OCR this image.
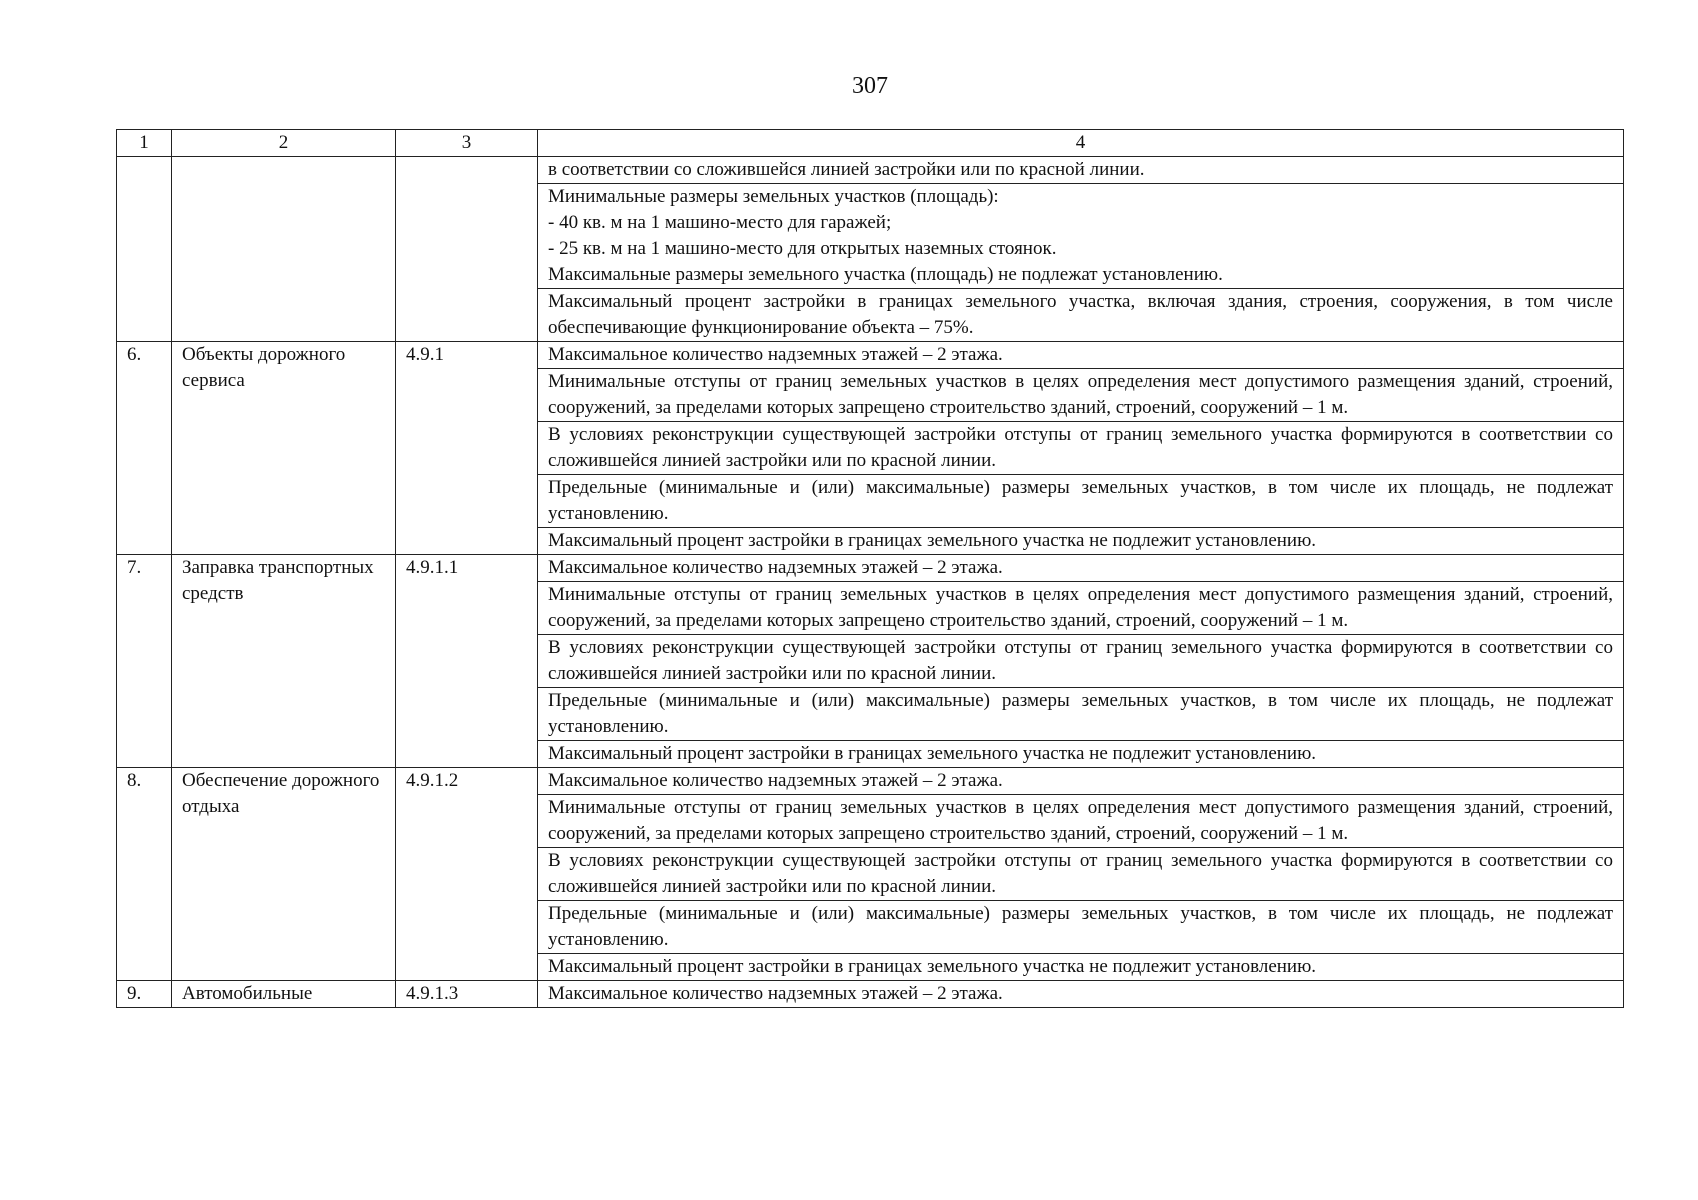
307
1	2	3	4

			в соответствии со сложившейся линией застройки или по красной линии.

			Минимальные размеры земельных участков (площадь):
- 40 кв. м на 1 машино-место для гаражей;
- 25 кв. м на 1 машино-место для открытых наземных стоянок.
Максимальные размеры земельного участка (площадь) не подлежат установлению.

			Максимальный процент застройки в границах земельного участка, включая здания, строения, сооружения, в том числе обеспечивающие функционирование объекта – 75%.

6.	Объекты дорожного сервиса	4.9.1	Максимальное количество надземных этажей – 2 этажа.
			Минимальные отступы от границ земельных участков в целях определения мест допустимого размещения зданий, строений, сооружений, за пределами которых запрещено строительство зданий, строений, сооружений – 1 м.
			В условиях реконструкции существующей застройки отступы от границ земельного участка формируются в соответствии со сложившейся линией застройки или по красной линии.
			Предельные (минимальные и (или) максимальные) размеры земельных участков, в том числе их площадь, не подлежат установлению.
			Максимальный процент застройки в границах земельного участка не подлежит установлению.
7.	Заправка транспортных средств	4.9.1.1	Максимальное количество надземных этажей – 2 этажа.
			Минимальные отступы от границ земельных участков в целях определения мест допустимого размещения зданий, строений, сооружений, за пределами которых запрещено строительство зданий, строений, сооружений – 1 м.
			В условиях реконструкции существующей застройки отступы от границ земельного участка формируются в соответствии со сложившейся линией застройки или по красной линии.
			Предельные (минимальные и (или) максимальные) размеры земельных участков, в том числе их площадь, не подлежат установлению.
			Максимальный процент застройки в границах земельного участка не подлежит установлению.
8.	Обеспечение дорожного отдыха	4.9.1.2	Максимальное количество надземных этажей – 2 этажа.
			Минимальные отступы от границ земельных участков в целях определения мест допустимого размещения зданий, строений, сооружений, за пределами которых запрещено строительство зданий, строений, сооружений – 1 м.
			В условиях реконструкции существующей застройки отступы от границ земельного участка формируются в соответствии со сложившейся линией застройки или по красной линии.
			Предельные (минимальные и (или) максимальные) размеры земельных участков, в том числе их площадь, не подлежат установлению.
			Максимальный процент застройки в границах земельного участка не подлежит установлению.
9.	Автомобильные	4.9.1.3	Максимальное количество надземных этажей – 2 этажа.
